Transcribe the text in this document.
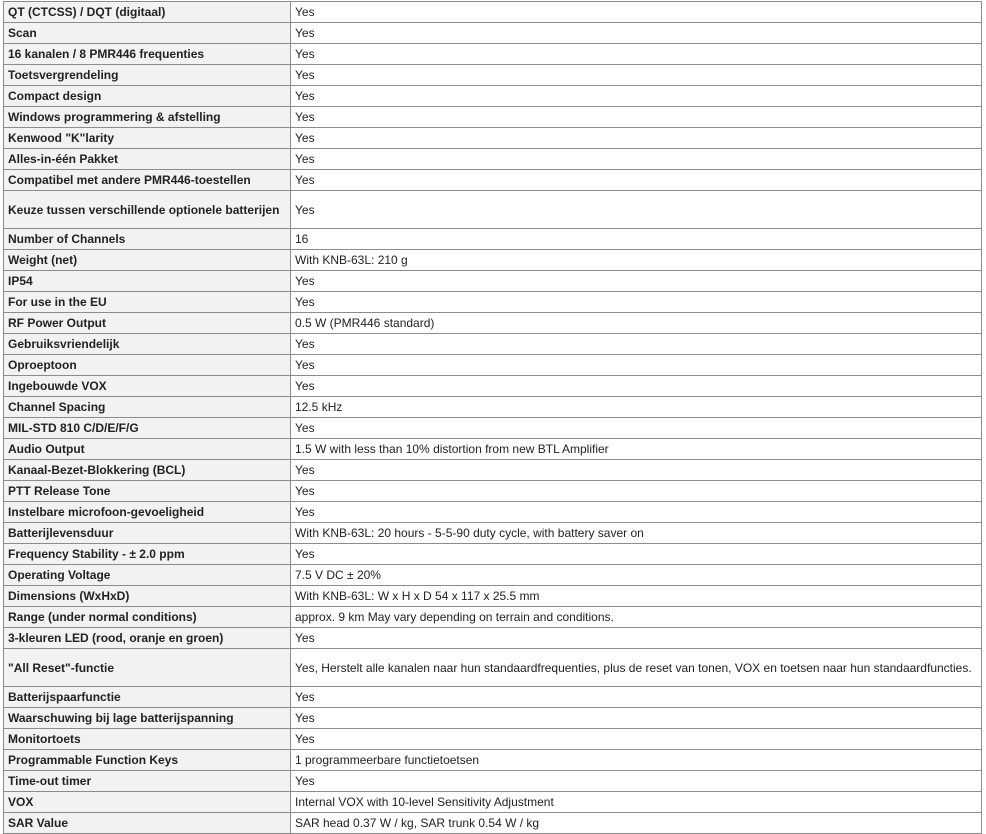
QT (CTCSS) / DQT (digitaal)	Yes
Scan	Yes
16 kanalen / 8 PMR446 frequenties	Yes
Toetsvergrendeling	Yes
Compact design	Yes
Windows programmering & afstelling	Yes
Kenwood "K"larity	Yes
Alles-in-één Pakket	Yes
Compatibel met andere PMR446-toestellen	Yes
Keuze tussen verschillende optionele batterijen	Yes
Number of Channels	16
Weight (net)	With KNB-63L: 210 g
IP54	Yes
For use in the EU	Yes
RF Power Output	0.5 W (PMR446 standard)
Gebruiksvriendelijk	Yes
Oproeptoon	Yes
Ingebouwde VOX	Yes
Channel Spacing	12.5 kHz
MIL-STD 810 C/D/E/F/G	Yes
Audio Output	1.5 W with less than 10% distortion from new BTL Amplifier
Kanaal-Bezet-Blokkering (BCL)	Yes
PTT Release Tone	Yes
Instelbare microfoon-gevoeligheid	Yes
Batterijlevensduur	With KNB-63L: 20 hours - 5-5-90 duty cycle, with battery saver on
Frequency Stability - ± 2.0 ppm	Yes
Operating Voltage	7.5 V DC ± 20%
Dimensions (WxHxD)	With KNB-63L: W x H x D 54 x 117 x 25.5 mm
Range (under normal conditions)	approx. 9 km May vary depending on terrain and conditions.
3-kleuren LED (rood, oranje en groen)	Yes
"All Reset"-functie	Yes, Herstelt alle kanalen naar hun standaardfrequenties, plus de reset van tonen, VOX en toetsen naar hun standaardfuncties.
Batterijspaarfunctie	Yes
Waarschuwing bij lage batterijspanning	Yes
Monitortoets	Yes
Programmable Function Keys	1 programmeerbare functietoetsen
Time-out timer	Yes
VOX	Internal VOX with 10-level Sensitivity Adjustment
SAR Value	SAR head 0.37 W / kg, SAR trunk 0.54 W / kg
